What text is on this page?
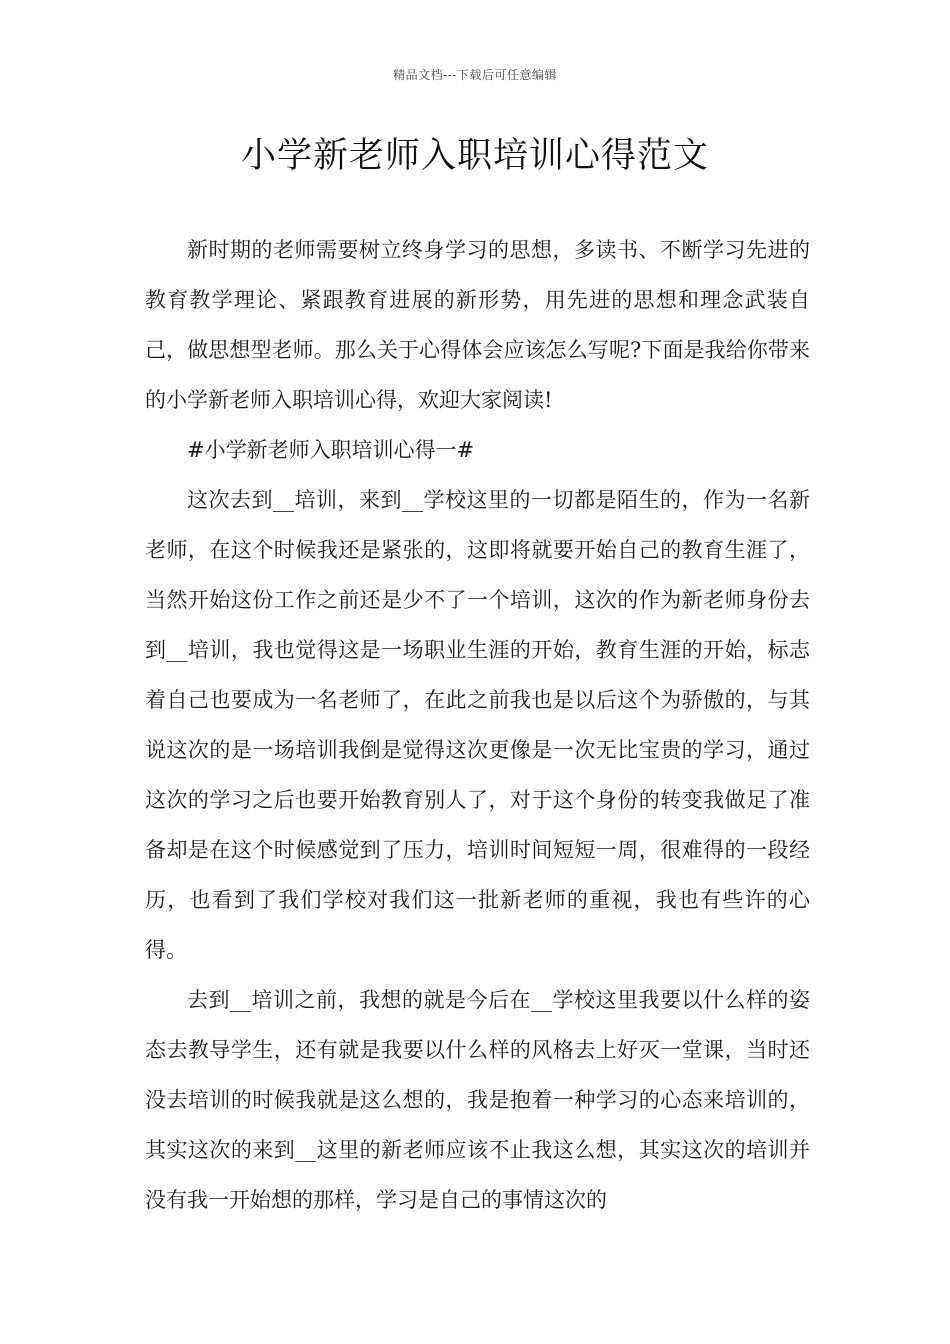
精品文档---下载后可任意编辑
小学新老师入职培训心得范文

新时期的老师需要树立终身学习的思想，多读书、不断学习先进的教育教学理论、紧跟教育进展的新形势，用先进的思想和理念武装自己，做思想型老师。那么关于心得体会应该怎么写呢?下面是我给你带来的小学新老师入职培训心得，欢迎大家阅读!

#小学新老师入职培训心得一#

这次去到__培训，来到__学校这里的一切都是陌生的，作为一名新老师，在这个时候我还是紧张的，这即将就要开始自己的教育生涯了，当然开始这份工作之前还是少不了一个培训，这次的作为新老师身份去到__培训，我也觉得这是一场职业生涯的开始，教育生涯的开始，标志着自己也要成为一名老师了，在此之前我也是以后这个为骄傲的，与其说这次的是一场培训我倒是觉得这次更像是一次无比宝贵的学习，通过这次的学习之后也要开始教育别人了，对于这个身份的转变我做足了准备却是在这个时候感觉到了压力，培训时间短短一周，很难得的一段经历，也看到了我们学校对我们这一批新老师的重视，我也有些许的心得。

去到__培训之前，我想的就是今后在__学校这里我要以什么样的姿态去教导学生，还有就是我要以什么样的风格去上好灭一堂课，当时还没去培训的时候我就是这么想的，我是抱着一种学习的心态来培训的，其实这次的来到__这里的新老师应该不止我这么想，其实这次的培训并没有我一开始想的那样，学习是自己的事情这次的
